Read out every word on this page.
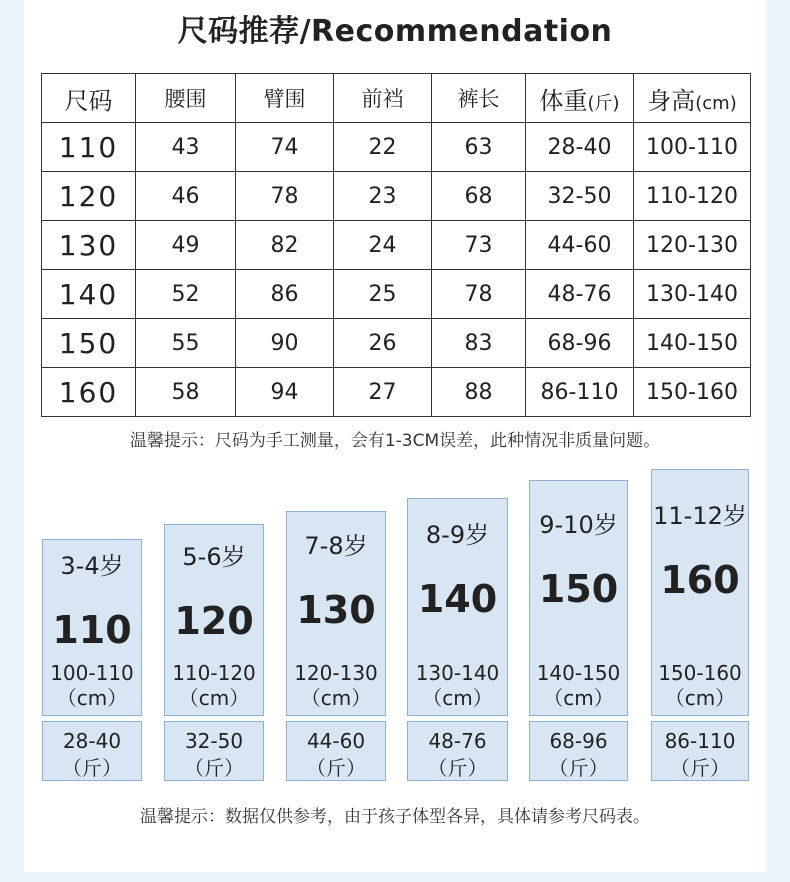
尺码推荐/Recommendation
尺码	腰围	臂围	前裆	裤长	体重(斤)	身高(cm)
110	43	74	22	63	28-40	100-110
120	46	78	23	68	32-50	110-120
130	49	82	24	73	44-60	120-130
140	52	86	25	78	48-76	130-140
150	55	90	26	83	68-96	140-150
160	58	94	27	88	86-110	150-160
温馨提示：尺码为手工测量，会有1-3CM误差，此种情况非质量问题。
3-4岁
110
100-110
（cm）
5-6岁
120
110-120
（cm）
7-8岁
130
120-130
（cm）
8-9岁
140
130-140
（cm）
9-10岁
150
140-150
（cm）
11-12岁
160
150-160
（cm）
28-40
（斤）
32-50
（斤）
44-60
（斤）
48-76
（斤）
68-96
（斤）
86-110
（斤）
温馨提示：数据仅供参考，由于孩子体型各异，具体请参考尺码表。
